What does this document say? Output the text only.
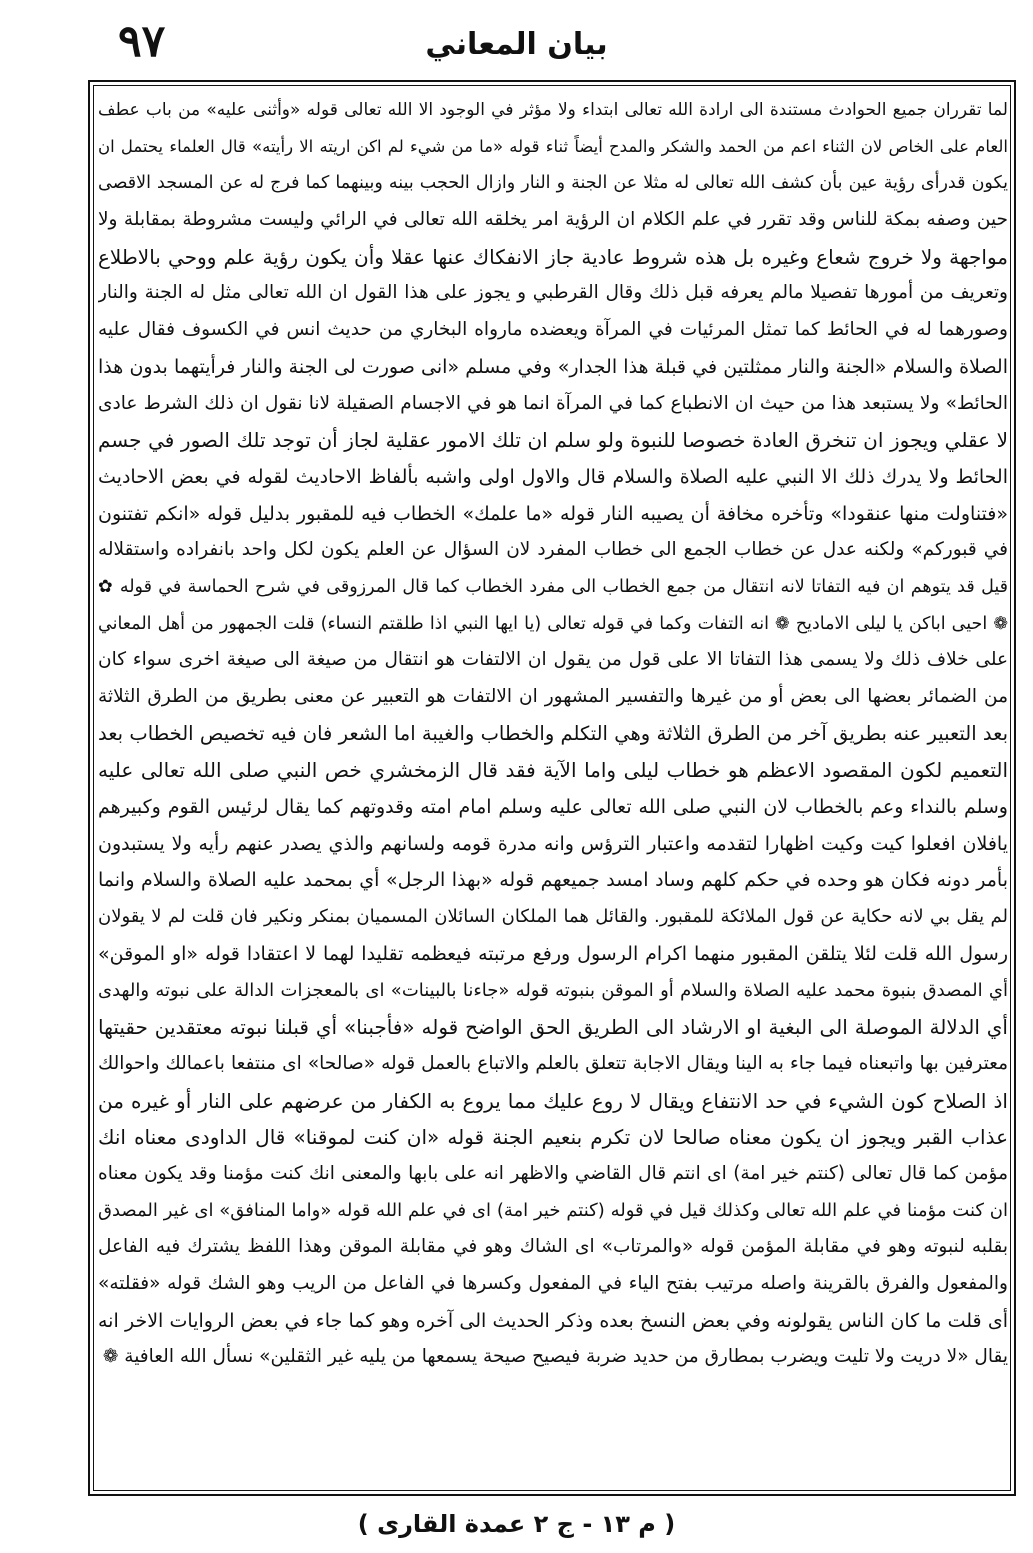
٩٧	بيان المعاني
لما تقرران جميع الحوادث مستندة الى ارادة الله تعالى ابتداء ولا مؤثر في الوجود الا الله تعالى قوله «وأثنى عليه» من باب عطف
العام على الخاص لان الثناء اعم من الحمد والشكر والمدح أيضاً ثناء قوله «ما من شيء لم اكن اريته الا رأيته» قال العلماء يحتمل ان
يكون قدرأى رؤية عين بأن كشف الله تعالى له مثلا عن الجنة و النار وازال الحجب بينه وبينهما كما فرج له عن المسجد الاقصى
حين وصفه بمكة للناس وقد تقرر في علم الكلام ان الرؤية امر يخلقه الله تعالى في الرائي وليست مشروطة بمقابلة ولا
مواجهة ولا خروج شعاع وغيره بل هذه شروط عادية جاز الانفكاك عنها عقلا وأن يكون رؤية علم ووحي بالاطلاع
وتعريف من أمورها تفصيلا مالم يعرفه قبل ذلك وقال القرطبي و يجوز على هذا القول ان الله تعالى مثل له الجنة والنار
وصورهما له في الحائط كما تمثل المرئيات في المرآة ويعضده مارواه البخاري من حديث انس في الكسوف فقال عليه
الصلاة والسلام «الجنة والنار ممثلتين في قبلة هذا الجدار» وفي مسلم «انى صورت لى الجنة والنار فرأيتهما بدون هذا
الحائط» ولا يستبعد هذا من حيث ان الانطباع كما في المرآة انما هو في الاجسام الصقيلة لانا نقول ان ذلك الشرط عادى
لا عقلي ويجوز ان تنخرق العادة خصوصا للنبوة ولو سلم ان تلك الامور عقلية لجاز أن توجد تلك الصور في جسم
الحائط ولا يدرك ذلك الا النبي عليه الصلاة والسلام قال والاول اولى واشبه بألفاظ الاحاديث لقوله في بعض الاحاديث
«فتناولت منها عنقودا» وتأخره مخافة أن يصيبه النار قوله «ما علمك» الخطاب فيه للمقبور بدليل قوله «انكم تفتنون
في قبوركم» ولكنه عدل عن خطاب الجمع الى خطاب المفرد لان السؤال عن العلم يكون لكل واحد بانفراده واستقلاله
قيل قد يتوهم ان فيه التفاتا لانه انتقال من جمع الخطاب الى مفرد الخطاب كما قال المرزوقى في شرح الحماسة في قوله ✿
❁ احيى اباكن يا ليلى الاماديح ❁ انه التفات وكما في قوله تعالى (يا ايها النبي اذا طلقتم النساء) قلت الجمهور من أهل المعاني
على خلاف ذلك ولا يسمى هذا التفاتا الا على قول من يقول ان الالتفات هو انتقال من صيغة الى صيغة اخرى سواء كان
من الضمائر بعضها الى بعض أو من غيرها والتفسير المشهور ان الالتفات هو التعبير عن معنى بطريق من الطرق الثلاثة
بعد التعبير عنه بطريق آخر من الطرق الثلاثة وهي التكلم والخطاب والغيبة اما الشعر فان فيه تخصيص الخطاب بعد
التعميم لكون المقصود الاعظم هو خطاب ليلى واما الآية فقد قال الزمخشري خص النبي صلى الله تعالى عليه
وسلم بالنداء وعم بالخطاب لان النبي صلى الله تعالى عليه وسلم امام امته وقدوتهم كما يقال لرئيس القوم وكبيرهم
يافلان افعلوا كيت وكيت اظهارا لتقدمه واعتبار الترؤس وانه مدرة قومه ولسانهم والذي يصدر عنهم رأيه ولا يستبدون
بأمر دونه فكان هو وحده في حكم كلهم وساد امسد جميعهم قوله «بهذا الرجل» أي بمحمد عليه الصلاة والسلام وانما
لم يقل بي لانه حكاية عن قول الملائكة للمقبور. والقائل هما الملكان السائلان المسميان بمنكر ونكير فان قلت لم لا يقولان
رسول الله قلت لئلا يتلقن المقبور منهما اكرام الرسول ورفع مرتبته فيعظمه تقليدا لهما لا اعتقادا قوله «او الموقن»
أي المصدق بنبوة محمد عليه الصلاة والسلام أو الموقن بنبوته قوله «جاءنا بالبينات» اى بالمعجزات الدالة على نبوته والهدى
أي الدلالة الموصلة الى البغية او الارشاد الى الطريق الحق الواضح قوله «فأجبنا» أي قبلنا نبوته معتقدين حقيتها
معترفين بها واتبعناه فيما جاء به الينا ويقال الاجابة تتعلق بالعلم والاتباع بالعمل قوله «صالحا» اى منتفعا باعمالك واحوالك
اذ الصلاح كون الشيء في حد الانتفاع ويقال لا روع عليك مما يروع به الكفار من عرضهم على النار أو غيره من
عذاب القبر ويجوز ان يكون معناه صالحا لان تكرم بنعيم الجنة قوله «ان كنت لموقنا» قال الداودى معناه انك
مؤمن كما قال تعالى (كنتم خير امة) اى انتم قال القاضي والاظهر انه على بابها والمعنى انك كنت مؤمنا وقد يكون معناه
ان كنت مؤمنا في علم الله تعالى وكذلك قيل في قوله (كنتم خير امة) اى في علم الله قوله «واما المنافق» اى غير المصدق
بقلبه لنبوته وهو في مقابلة المؤمن قوله «والمرتاب» اى الشاك وهو في مقابلة الموقن وهذا اللفظ يشترك فيه الفاعل
والمفعول والفرق بالقرينة واصله مرتيب بفتح الياء في المفعول وكسرها في الفاعل من الريب وهو الشك قوله «فقلته»
أى قلت ما كان الناس يقولونه وفي بعض النسخ بعده وذكر الحديث الى آخره وهو كما جاء في بعض الروايات الاخر انه
يقال «لا دريت ولا تليت ويضرب بمطارق من حديد ضربة فيصيح صيحة يسمعها من يليه غير الثقلين» نسأل الله العافية ❁
( م ١٣ - ج ٢ عمدة القارى )
